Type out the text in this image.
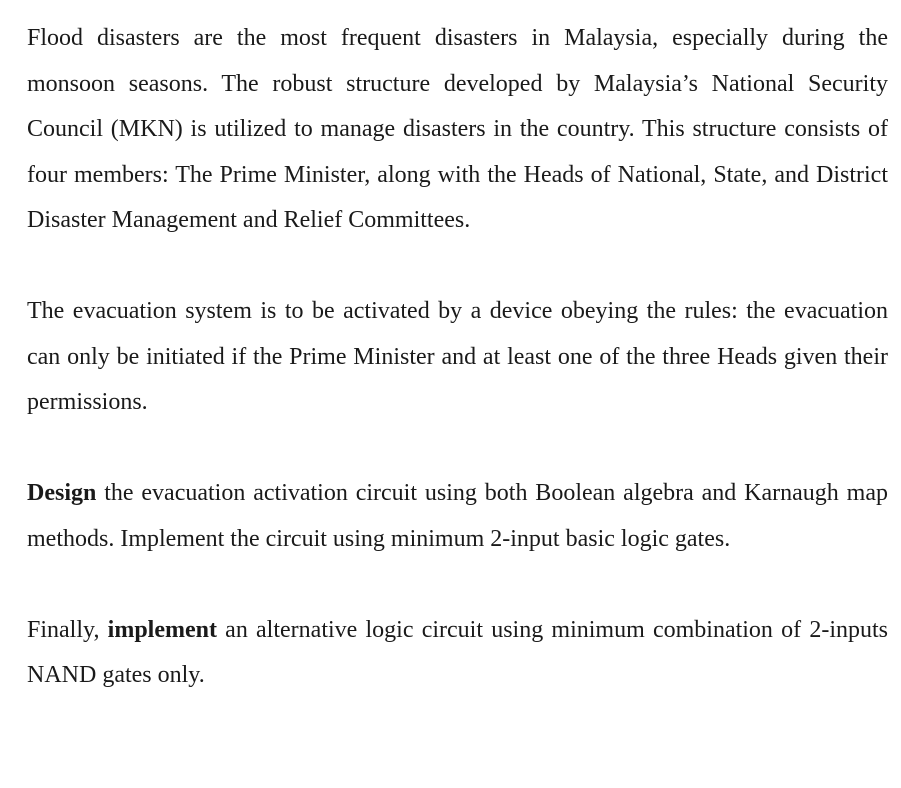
Flood disasters are the most frequent disasters in Malaysia, especially during the monsoon seasons. The robust structure developed by Malaysia’s National Security Council (MKN) is utilized to manage disasters in the country. This structure consists of four members: The Prime Minister, along with the Heads of National, State, and District Disaster Management and Relief Committees.

The evacuation system is to be activated by a device obeying the rules: the evacuation can only be initiated if the Prime Minister and at least one of the three Heads given their permissions.

Design the evacuation activation circuit using both Boolean algebra and Karnaugh map methods. Implement the circuit using minimum 2-input basic logic gates.

Finally, implement an alternative logic circuit using minimum combination of 2-inputs NAND gates only.
